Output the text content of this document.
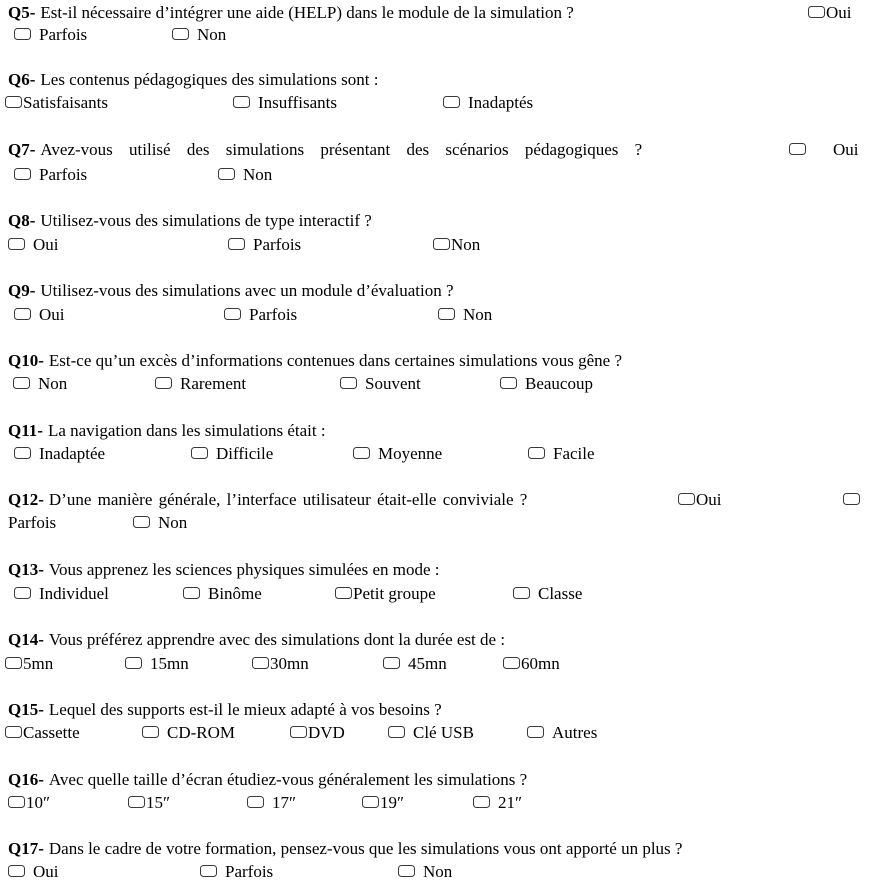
Q5- Est-il nécessaire d’intégrer une aide (HELP) dans le module de la simulation ?	Oui
Parfois	Non
Q6- Les contenus pédagogiques des simulations sont :
Satisfaisants	Insuffisants	Inadaptés
Q7- Avez-vous utilisé des simulations présentant des scénarios pédagogiques ?	Oui
Parfois	Non
Q8- Utilisez-vous des simulations de type interactif ?
Oui	Parfois	Non
Q9- Utilisez-vous des simulations avec un module d’évaluation ?
Oui	Parfois	Non
Q10- Est-ce qu’un excès d’informations contenues dans certaines simulations vous gêne ?
Non	Rarement	Souvent	Beaucoup
Q11- La navigation dans les simulations était :
Inadaptée	Difficile	Moyenne	Facile
Q12- D’une manière générale, l’interface utilisateur était-elle conviviale ?	Oui
Parfois	Non
Q13- Vous apprenez les sciences physiques simulées en mode :
Individuel	Binôme	Petit groupe	Classe
Q14- Vous préférez apprendre avec des simulations dont la durée est de :
5mn	15mn	30mn	45mn	60mn
Q15- Lequel des supports est-il le mieux adapté à vos besoins ?
Cassette	CD-ROM	DVD	Clé USB	Autres
Q16- Avec quelle taille d’écran étudiez-vous généralement les simulations ?
10″	15″	17″	19″	21″
Q17- Dans le cadre de votre formation, pensez-vous que les simulations vous ont apporté un plus ?
Oui	Parfois	Non
